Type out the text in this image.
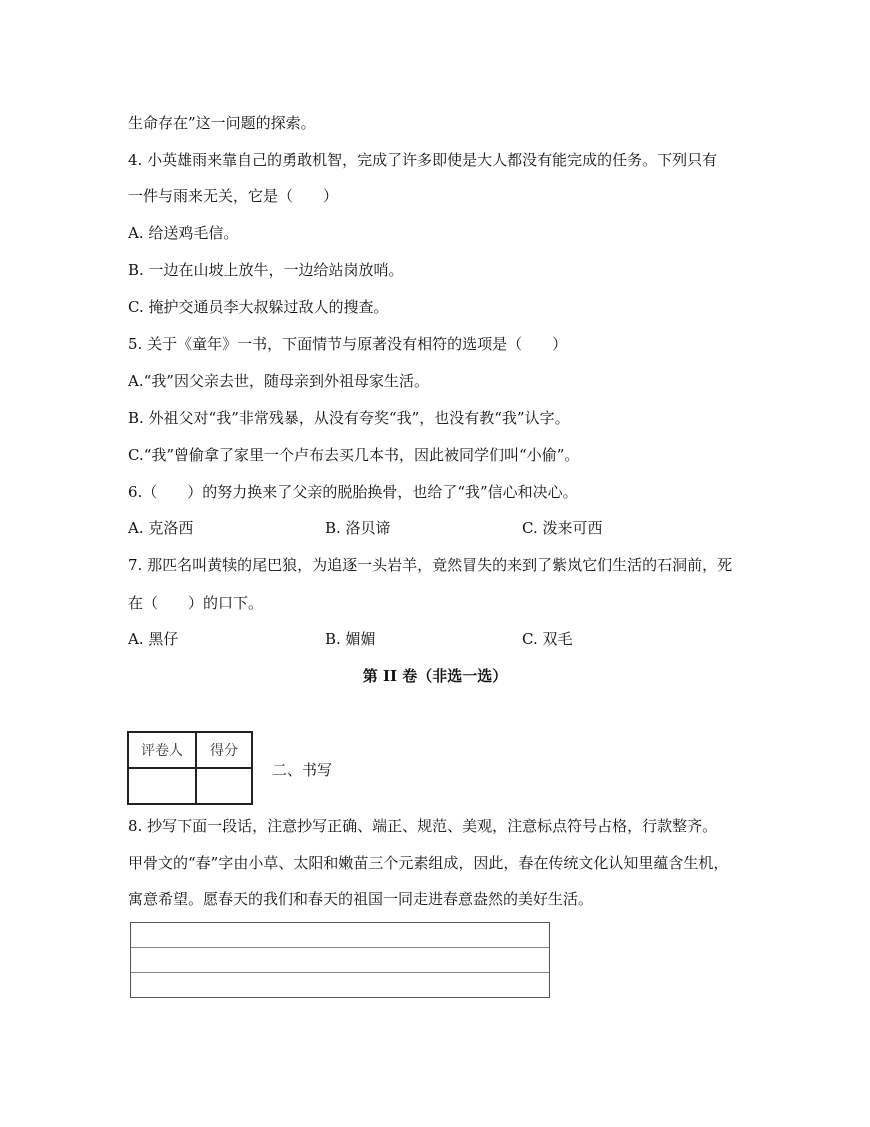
生命存在”这一问题的探索。
4. 小英雄雨来靠自己的勇敢机智，完成了许多即使是大人都没有能完成的任务。下列只有
一件与雨来无关，它是（　　）
A. 给送鸡毛信。
B. 一边在山坡上放牛，一边给站岗放哨。
C. 掩护交通员李大叔躲过敌人的搜查。
5. 关于《童年》一书，下面情节与原著没有相符的选项是（　　）
A.“我”因父亲去世，随母亲到外祖母家生活。
B. 外祖父对“我”非常残暴，从没有夸奖“我”，也没有教“我”认字。
C.“我”曾偷拿了家里一个卢布去买几本书，因此被同学们叫“小偷”。
6.（　　）的努力换来了父亲的脱胎换骨，也给了“我”信心和决心。
A. 克洛西	B. 洛贝谛	C. 泼来可西
7. 那匹名叫黄犊的尾巴狼，为追逐一头岩羊，竟然冒失的来到了紫岚它们生活的石洞前，死
在（　　）的口下。
A. 黑仔	B. 媚媚	C. 双毛
第 II 卷（非选一选）
评卷人	得分

二、书写
8. 抄写下面一段话，注意抄写正确、端正、规范、美观，注意标点符号占格，行款整齐。
甲骨文的“春”字由小草、太阳和嫩苗三个元素组成，因此，春在传统文化认知里蕴含生机，
寓意希望。愿春天的我们和春天的祖国一同走进春意盎然的美好生活。
